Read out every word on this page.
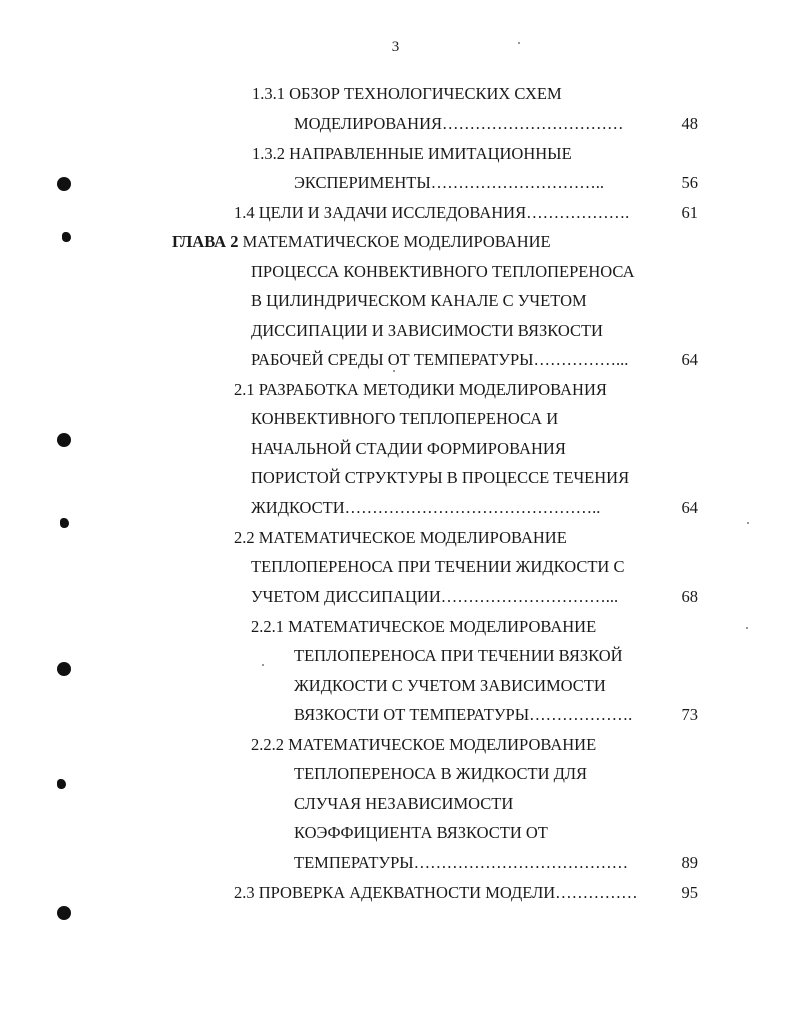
3
1.3.1 ОБЗОР ТЕХНОЛОГИЧЕСКИХ СХЕМ
МОДЕЛИРОВАНИЯ……………………………	48
1.3.2 НАПРАВЛЕННЫЕ ИМИТАЦИОННЫЕ
ЭКСПЕРИМЕНТЫ…………………………..	56
1.4 ЦЕЛИ И ЗАДАЧИ ИССЛЕДОВАНИЯ……………….	61
ГЛАВА 2 МАТЕМАТИЧЕСКОЕ МОДЕЛИРОВАНИЕ
ПРОЦЕССА КОНВЕКТИВНОГО ТЕПЛОПЕРЕНОСА
В ЦИЛИНДРИЧЕСКОМ КАНАЛЕ С УЧЕТОМ
ДИССИПАЦИИ И ЗАВИСИМОСТИ ВЯЗКОСТИ
РАБОЧЕЙ СРЕДЫ ОТ ТЕМПЕРАТУРЫ……………...	64
2.1 РАЗРАБОТКА МЕТОДИКИ МОДЕЛИРОВАНИЯ
КОНВЕКТИВНОГО ТЕПЛОПЕРЕНОСА И
НАЧАЛЬНОЙ СТАДИИ ФОРМИРОВАНИЯ
ПОРИСТОЙ СТРУКТУРЫ В ПРОЦЕССЕ ТЕЧЕНИЯ
ЖИДКОСТИ………………………………………..	64
2.2 МАТЕМАТИЧЕСКОЕ МОДЕЛИРОВАНИЕ
ТЕПЛОПЕРЕНОСА ПРИ ТЕЧЕНИИ ЖИДКОСТИ С
УЧЕТОМ ДИССИПАЦИИ…………………………...	68
2.2.1 МАТЕМАТИЧЕСКОЕ МОДЕЛИРОВАНИЕ
ТЕПЛОПЕРЕНОСА ПРИ ТЕЧЕНИИ ВЯЗКОЙ
ЖИДКОСТИ С УЧЕТОМ ЗАВИСИМОСТИ
ВЯЗКОСТИ ОТ ТЕМПЕРАТУРЫ……………….	73
2.2.2 МАТЕМАТИЧЕСКОЕ МОДЕЛИРОВАНИЕ
ТЕПЛОПЕРЕНОСА В ЖИДКОСТИ ДЛЯ
СЛУЧАЯ НЕЗАВИСИМОСТИ
КОЭФФИЦИЕНТА ВЯЗКОСТИ ОТ
ТЕМПЕРАТУРЫ…………………………………	89
2.3 ПРОВЕРКА АДЕКВАТНОСТИ МОДЕЛИ……………	95
